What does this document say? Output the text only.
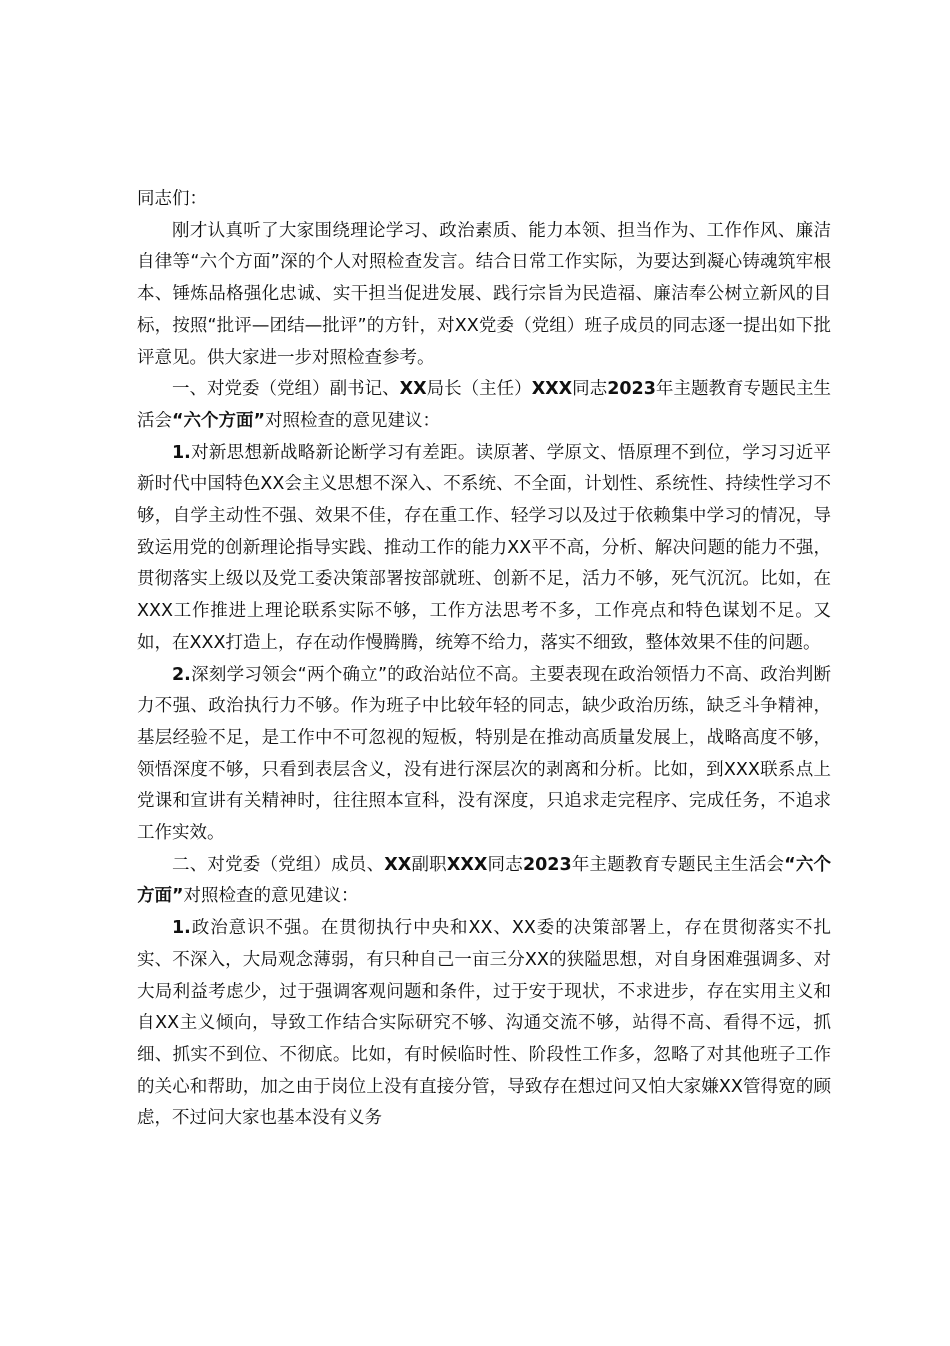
同志们：

刚才认真听了大家围绕理论学习、政治素质、能力本领、担当作为、工作作风、廉洁自律等“六个方面”深的个人对照检查发言。结合日常工作实际，为要达到凝心铸魂筑牢根本、锤炼品格强化忠诚、实干担当促进发展、践行宗旨为民造福、廉洁奉公树立新风的目标，按照“批评—团结—批评”的方针，对XX党委（党组）班子成员的同志逐一提出如下批评意见。供大家进一步对照检查参考。

一、对党委（党组）副书记、XX局长（主任）XXX同志2023年主题教育专题民主生活会“六个方面”对照检查的意见建议：

1.对新思想新战略新论断学习有差距。读原著、学原文、悟原理不到位，学习习近平新时代中国特色XX会主义思想不深入、不系统、不全面，计划性、系统性、持续性学习不够，自学主动性不强、效果不佳，存在重工作、轻学习以及过于依赖集中学习的情况，导致运用党的创新理论指导实践、推动工作的能力XX平不高，分析、解决问题的能力不强，贯彻落实上级以及党工委决策部署按部就班、创新不足，活力不够，死气沉沉。比如，在XXX工作推进上理论联系实际不够，工作方法思考不多，工作亮点和特色谋划不足。又如，在XXX打造上，存在动作慢腾腾，统筹不给力，落实不细致，整体效果不佳的问题。

2.深刻学习领会“两个确立”的政治站位不高。主要表现在政治领悟力不高、政治判断力不强、政治执行力不够。作为班子中比较年轻的同志，缺少政治历练，缺乏斗争精神，基层经验不足，是工作中不可忽视的短板，特别是在推动高质量发展上，战略高度不够，领悟深度不够，只看到表层含义，没有进行深层次的剥离和分析。比如，到XXX联系点上党课和宣讲有关精神时，往往照本宣科，没有深度，只追求走完程序、完成任务，不追求工作实效。

二、对党委（党组）成员、XX副职XXX同志2023年主题教育专题民主生活会“六个方面”对照检查的意见建议：

1.政治意识不强。在贯彻执行中央和XX、XX委的决策部署上，存在贯彻落实不扎实、不深入，大局观念薄弱，有只种自己一亩三分XX的狭隘思想，对自身困难强调多、对大局利益考虑少，过于强调客观问题和条件，过于安于现状，不求进步，存在实用主义和自XX主义倾向，导致工作结合实际研究不够、沟通交流不够，站得不高、看得不远，抓细、抓实不到位、不彻底。比如，有时候临时性、阶段性工作多，忽略了对其他班子工作的关心和帮助，加之由于岗位上没有直接分管，导致存在想过问又怕大家嫌XX管得宽的顾虑，不过问大家也基本没有义务
